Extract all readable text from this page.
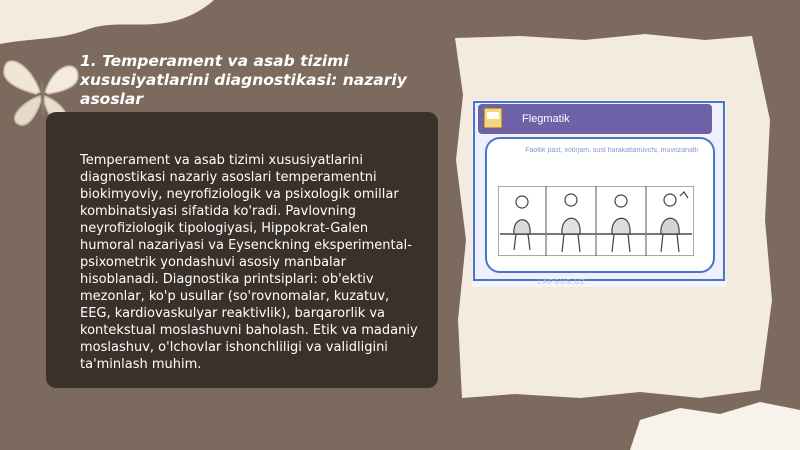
1. Temperament va asab tizimi xususiyatlarini diagnostikasi: nazariy asoslar

Temperament va asab tizimi xususiyatlarini diagnostikasi nazariy asoslari temperamentni biokimyoviy, neyrofiziologik va psixologik omillar kombinatsiyasi sifatida ko'radi. Pavlovning neyrofiziologik tipologiyasi, Hippokrat-Galen humoral nazariyasi va Eysenckning eksperimental-psixometrik yondashuvi asosiy manbalar hisoblanadi. Diagnostika printsiplari: ob'ektiv mezonlar, ko'p usullar (so'rovnomalar, kuzatuv, EEG, kardiovaskulyar reaktivlik), barqarorlik va kontekstual moslashuvni baholash. Etik va madaniy moslashuv, o'lchovlar ishonchliligi va validligini ta'minlash muhim.

Flegmatik

Faollik past, xotirjam, sust harakatlanuvchi, muvozanatli

LAPSUS.UZ
